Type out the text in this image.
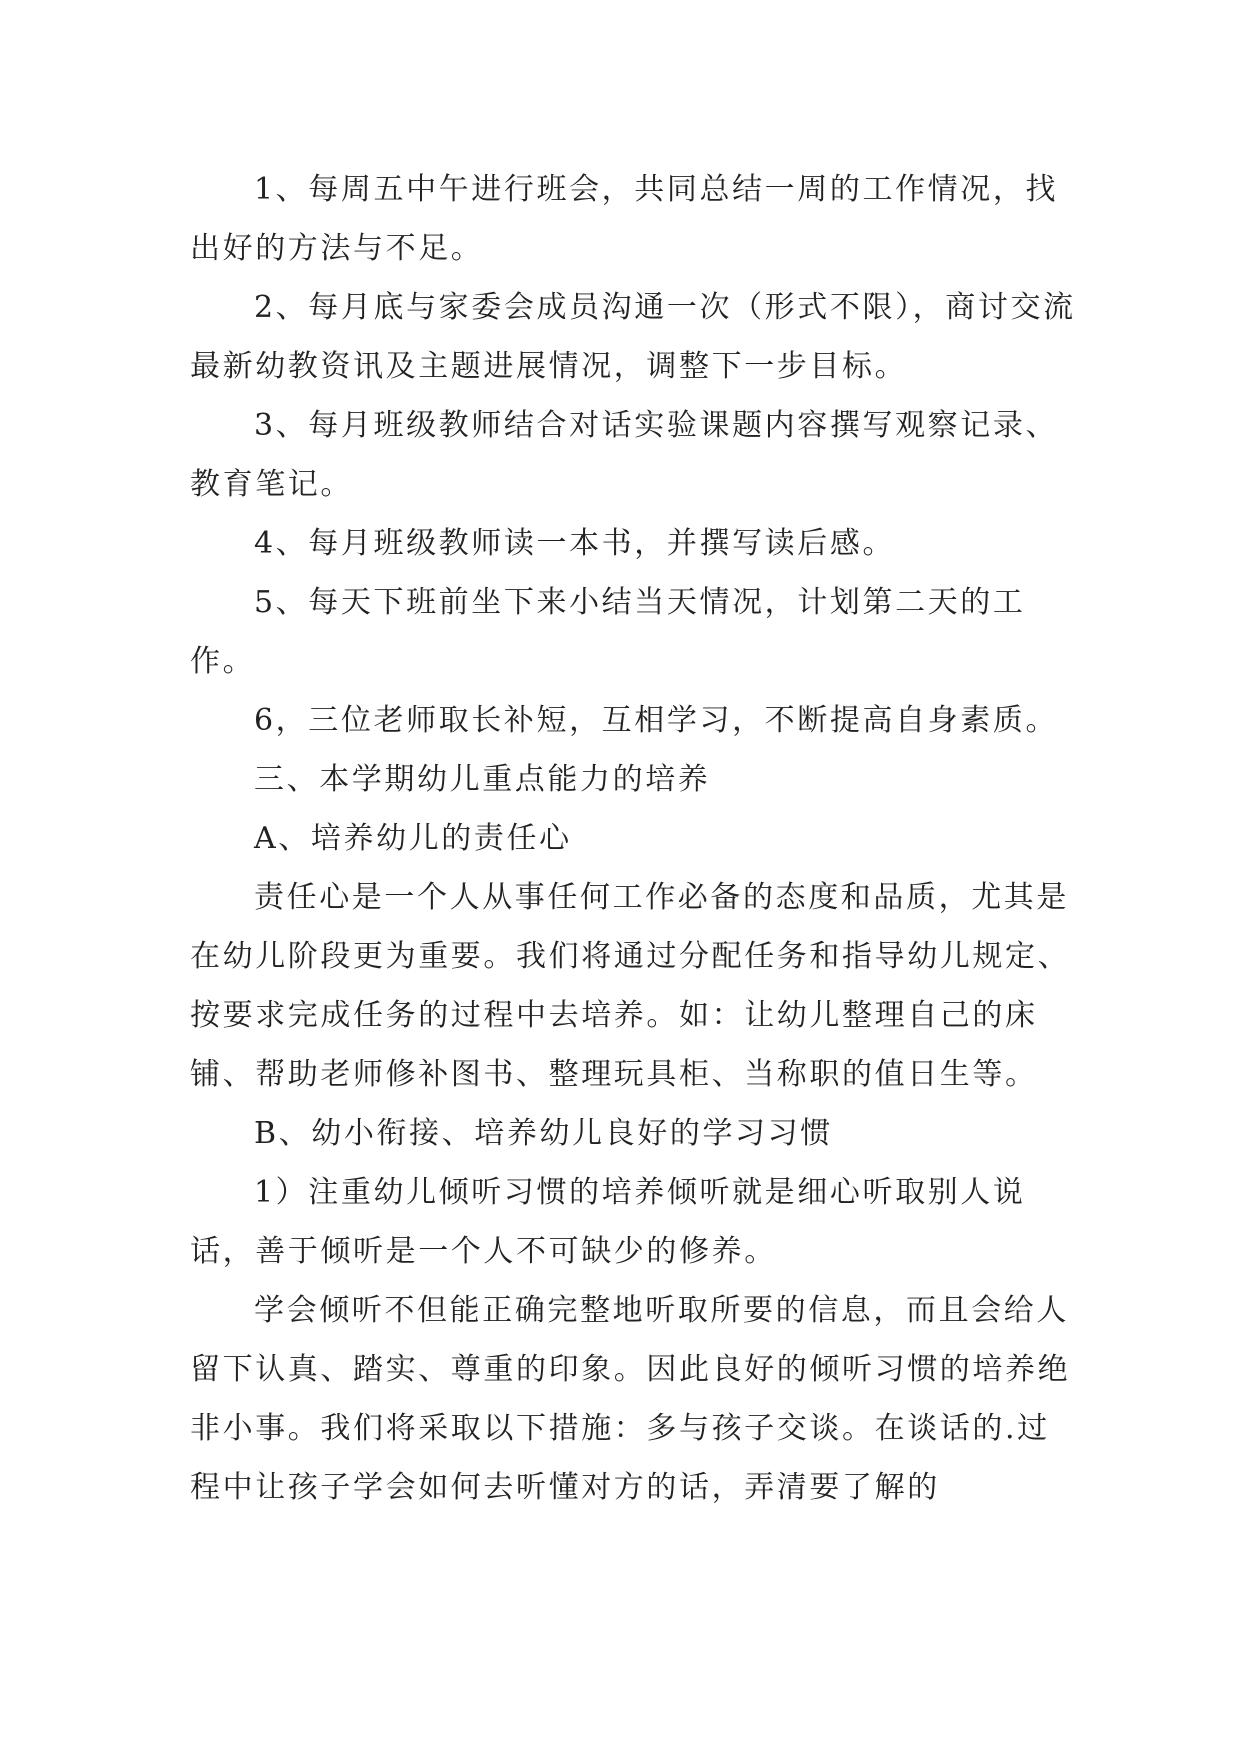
1、每周五中午进行班会，共同总结一周的工作情况，找出好的方法与不足。

2、每月底与家委会成员沟通一次（形式不限），商讨交流最新幼教资讯及主题进展情况，调整下一步目标。

3、每月班级教师结合对话实验课题内容撰写观察记录、教育笔记。

4、每月班级教师读一本书，并撰写读后感。

5、每天下班前坐下来小结当天情况，计划第二天的工作。

6，三位老师取长补短，互相学习，不断提高自身素质。

三、本学期幼儿重点能力的培养

A、培养幼儿的责任心

责任心是一个人从事任何工作必备的态度和品质，尤其是在幼儿阶段更为重要。我们将通过分配任务和指导幼儿规定、按要求完成任务的过程中去培养。如：让幼儿整理自己的床铺、帮助老师修补图书、整理玩具柜、当称职的值日生等。

B、幼小衔接、培养幼儿良好的学习习惯

1）注重幼儿倾听习惯的培养倾听就是细心听取别人说话，善于倾听是一个人不可缺少的修养。

学会倾听不但能正确完整地听取所要的信息，而且会给人留下认真、踏实、尊重的印象。因此良好的倾听习惯的培养绝非小事。我们将采取以下措施：多与孩子交谈。在谈话的.过程中让孩子学会如何去听懂对方的话，弄清要了解的
